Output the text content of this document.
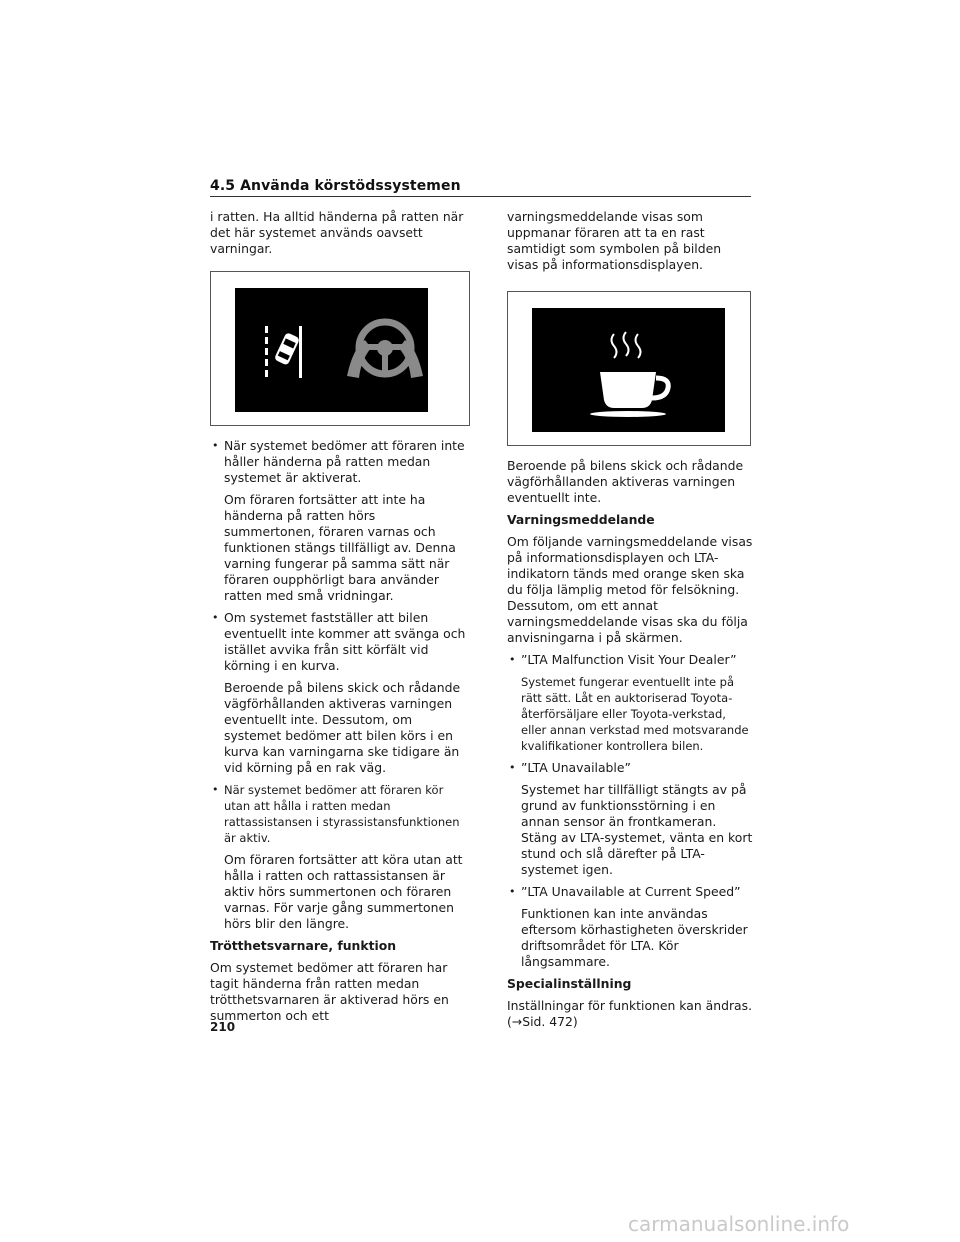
4.5 Använda körstödssystemen

i ratten. Ha alltid händerna på ratten när det här systemet används oavsett varningar.

• När systemet bedömer att föraren inte håller händerna på ratten medan systemet är aktiverat.

Om föraren fortsätter att inte ha händerna på ratten hörs summertonen, föraren varnas och funktionen stängs tillfälligt av. Denna varning fungerar på samma sätt när föraren oupphörligt bara använder ratten med små vridningar.

• Om systemet fastställer att bilen eventuellt inte kommer att svänga och istället avvika från sitt körfält vid körning i en kurva.

Beroende på bilens skick och rådande vägförhållanden aktiveras varningen eventuellt inte. Dessutom, om systemet bedömer att bilen körs i en kurva kan varningarna ske tidigare än vid körning på en rak väg.

• När systemet bedömer att föraren kör utan att hålla i ratten medan rattassistansen i styrassistansfunktionen är aktiv.

Om föraren fortsätter att köra utan att hålla i ratten och rattassistansen är aktiv hörs summertonen och föraren varnas. För varje gång summertonen hörs blir den längre.

Trötthetsvarnare, funktion

Om systemet bedömer att föraren har tagit händerna från ratten medan trötthetsvarnaren är aktiverad hörs en summerton och ett

varningsmeddelande visas som uppmanar föraren att ta en rast samtidigt som symbolen på bilden visas på informationsdisplayen.

Beroende på bilens skick och rådande vägförhållanden aktiveras varningen eventuellt inte.

Varningsmeddelande

Om följande varningsmeddelande visas på informationsdisplayen och LTA-indikatorn tänds med orange sken ska du följa lämplig metod för felsökning. Dessutom, om ett annat varningsmeddelande visas ska du följa anvisningarna i på skärmen.

• ”LTA Malfunction Visit Your Dealer”

Systemet fungerar eventuellt inte på rätt sätt. Låt en auktoriserad Toyota-återförsäljare eller Toyota-verkstad, eller annan verkstad med motsvarande kvalifikationer kontrollera bilen.

• ”LTA Unavailable”

Systemet har tillfälligt stängts av på grund av funktionsstörning i en annan sensor än frontkameran. Stäng av LTA-systemet, vänta en kort stund och slå därefter på LTA-systemet igen.

• ”LTA Unavailable at Current Speed”

Funktionen kan inte användas eftersom körhastigheten överskrider driftsområdet för LTA. Kör långsammare.

Specialinställning

Inställningar för funktionen kan ändras. (→Sid. 472)

210
carmanualsonline.info
